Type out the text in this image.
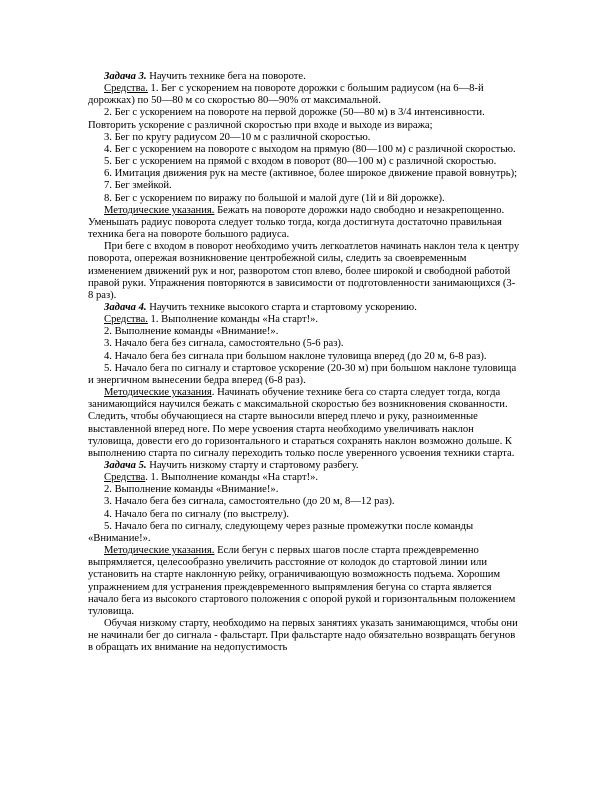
Задача 3. Научить технике бега на повороте.

Средства. 1. Бег с ускорением на повороте дорожки с большим радиусом (на 6—8-й дорожках) по 50—80 м со скоростью 80—90% от максимальной.

2. Бег с ускорением на повороте на первой дорожке (50—80 м) в 3/4 интенсивности. Повторить ускорение с различной скоростью при входе и выходе из виража;

3. Бег по кругу радиусом 20—10 м с различной скоростью.

4. Бег с ускорением на повороте с выходом на прямую (80—100 м) с различной скоростью.

5. Бег с ускорением на прямой с входом в поворот (80—100 м) с различной скоростью.

6. Имитация движения рук на месте (активное, более широкое движение правой вовнутрь);

7. Бег змейкой.

8. Бег с ускорением по виражу по большой и малой дуге (1й и 8й дорожке).

Методические указания. Бежать на повороте дорожки надо свободно и незакрепощенно. Уменьшать радиус поворота следует только тогда, когда достигнута достаточно правильная техника бега на повороте большого радиуса.

При беге с входом в поворот необходимо учить легкоатлетов начинать наклон тела к центру поворота, опережая возникновение центробежной силы, следить за своевременным изменением движений рук и ног, разворотом стоп влево, более широкой и свободной работой правой руки. Упражнения повторяются в зависимости от подготовленности занимающихся (3-8 раз).

Задача 4. Научить технике высокого старта и стартовому ускорению.

Средства. 1. Выполнение команды «На старт!».

2. Выполнение команды «Внимание!».

3. Начало бега без сигнала, самостоятельно (5-6 раз).

4. Начало бега без сигнала при большом наклоне туловища вперед (до 20 м, 6-8 раз).

5. Начало бега по сигналу и стартовое ускорение (20-30 м) при большом наклоне туловища и энергичном вынесении бедра вперед (6-8 раз).

Методические указания. Начинать обучение технике бега со старта следует тогда, когда занимающийся научился бежать с максимальной скоростью без возникновения скованности. Следить, чтобы обучающиеся на старте выносили вперед плечо и руку, разноименные выставленной вперед ноге. По мере усвоения старта необходимо увеличивать наклон туловища, довести его до горизонтального и стараться сохранять наклон возможно дольше. К выполнению старта по сигналу переходить только после уверенного усвоения техники старта.

Задача 5. Научить низкому старту и стартовому разбегу.

Средства. 1. Выполнение команды «На старт!».

2. Выполнение команды «Внимание!».

3. Начало бега без сигнала, самостоятельно (до 20 м, 8—12 раз).

4. Начало бега по сигналу (по выстрелу).

5. Начало бега по сигналу, следующему через разные промежутки после команды «Внимание!».

Методические указания. Если бегун с первых шагов после старта преждевременно выпрямляется, целесообразно увеличить расстояние от колодок до стартовой линии или установить на старте наклонную рейку, ограничивающую возможность подъема. Хорошим упражнением для устранения преждевременного выпрямления бегуна со старта является начало бега из высокого стартового положения с опорой рукой и горизонтальным положением туловища.

Обучая низкому старту, необходимо на первых занятиях указать занимающимся, чтобы они не начинали бег до сигнала - фальстарт. При фальстарте надо обязательно возвращать бегунов в обращать их внимание на недопустимость
